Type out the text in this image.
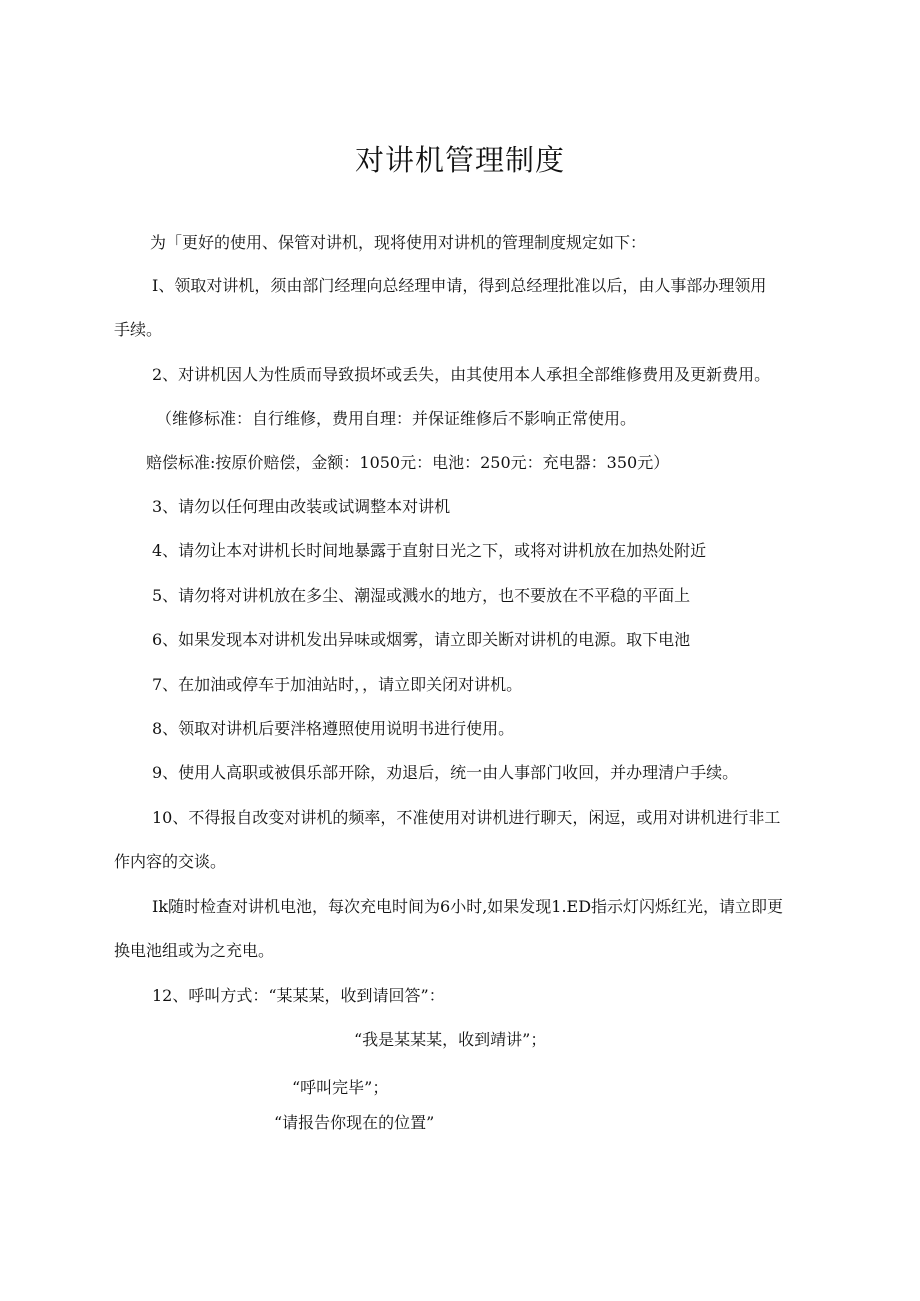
对讲机管理制度
为「更好的使用、保管对讲机，现将使用对讲机的管理制度规定如下：
I、领取对讲机，须由部门经理向总经理申请，得到总经理批准以后，由人事部办理领用
手续。
2、对讲机因人为性质而导致损坏或丢失，由其使用本人承担全部维修费用及更新费用。
（维修标准：自行维修，费用自理：并保证维修后不影响正常使用。
赔偿标准:按原价赔偿，金额：1050元：电池：250元：充电器：350元）
3、请勿以任何理由改装或试调整本对讲机
4、请勿让本对讲机长时间地暴露于直射日光之下，或将对讲机放在加热处附近
5、请勿将对讲机放在多尘、潮湿或溅水的地方，也不要放在不平稳的平面上
6、如果发现本对讲机发出异味或烟雾，请立即关断对讲机的电源。取下电池
7、在加油或停车于加油站时，，请立即关闭对讲机。
8、领取对讲机后要泮格遵照使用说明书进行使用。
9、使用人高职或被俱乐部开除，劝退后，统一由人事部门收回，并办理清户手续。
10、不得报自改变对讲机的频率，不准使用对讲机进行聊天，闲逗，或用对讲机进行非工
作内容的交谈。
Ik随时检查对讲机电池，每次充电时间为6小时,如果发现1.ED指示灯闪烁红光，请立即更
换电池组或为之充电。
12、呼叫方式：“某某某，收到请回答”：
“我是某某某，收到靖讲”；
“呼叫完毕”；
“请报告你现在的位置”
